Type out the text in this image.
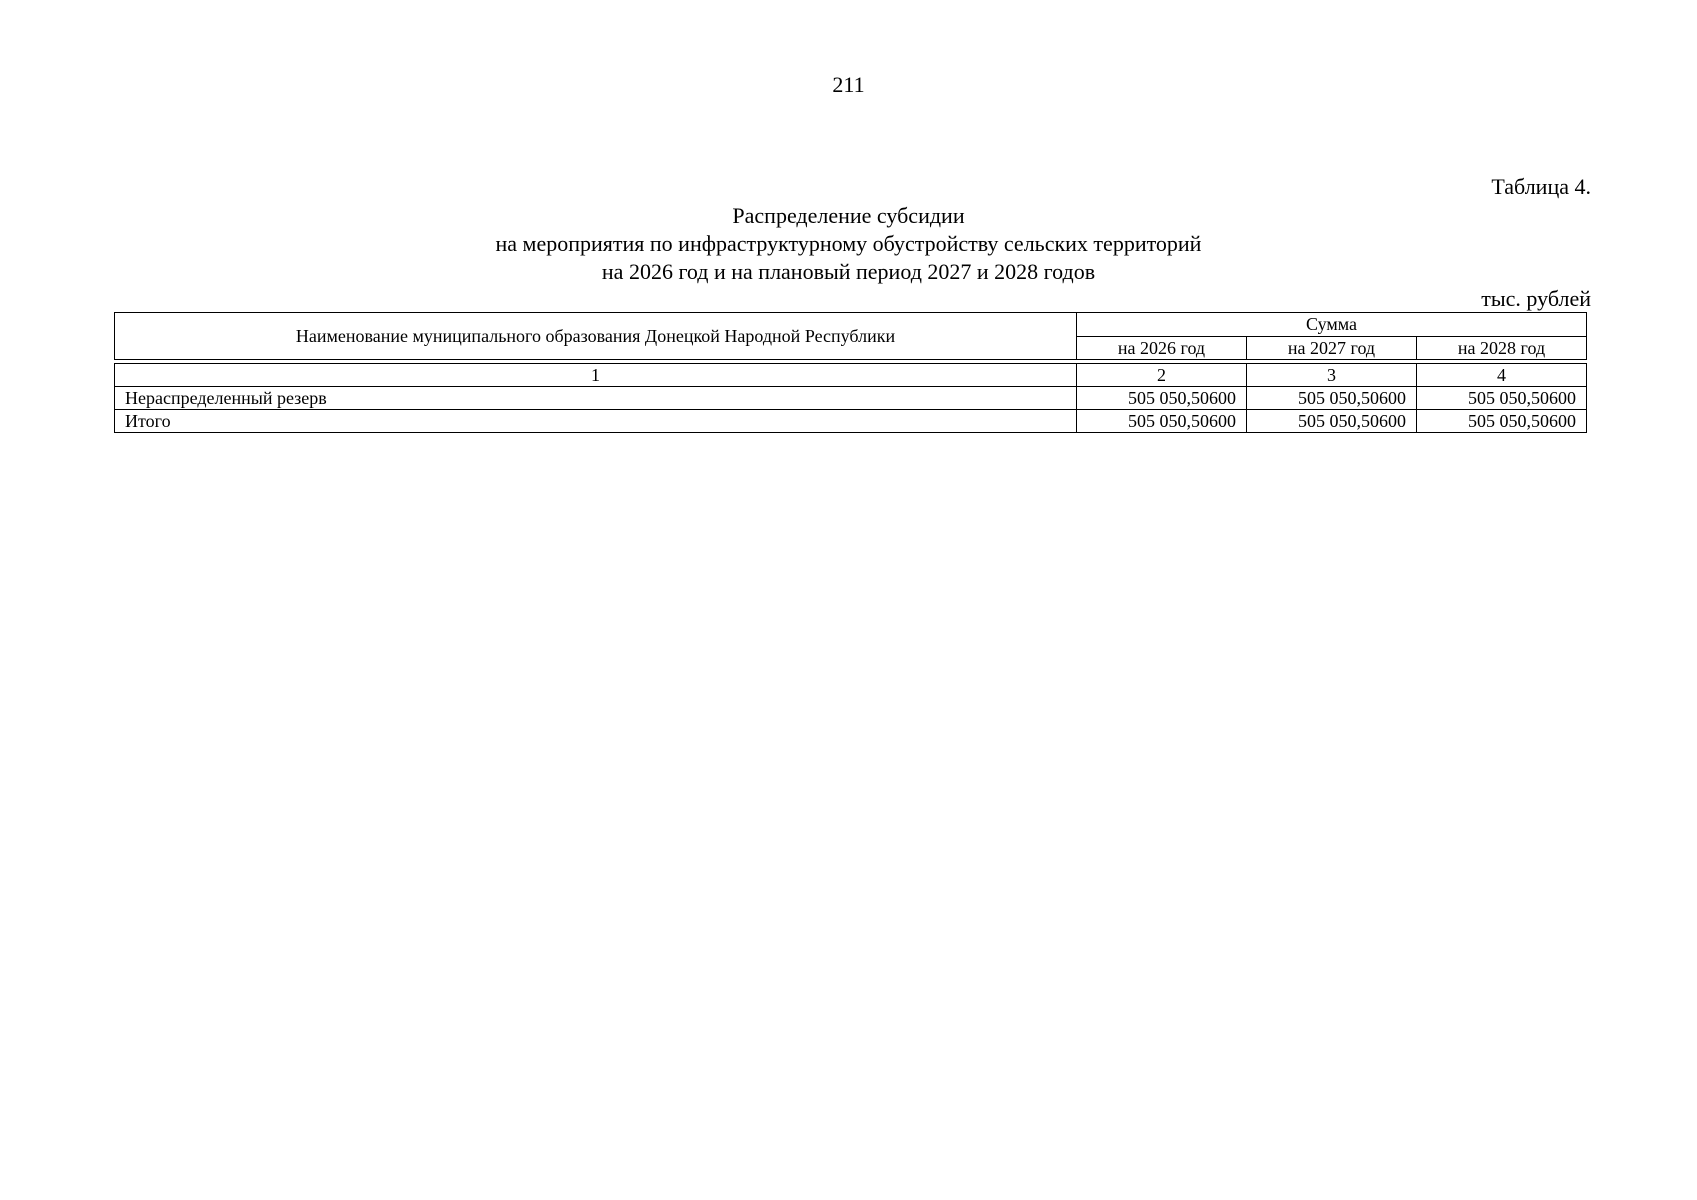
211
Таблица 4.
Распределение субсидии
на мероприятия по инфраструктурному обустройству сельских территорий
на 2026 год и на плановый период 2027 и 2028 годов
тыс. рублей
Наименование муниципального образования Донецкой Народной Республики	Сумма		
	на 2026 год	на 2027 год	на 2028 год
1	2	3	4
Нераспределенный резерв	505 050,50600	505 050,50600	505 050,50600
Итого	505 050,50600	505 050,50600	505 050,50600
